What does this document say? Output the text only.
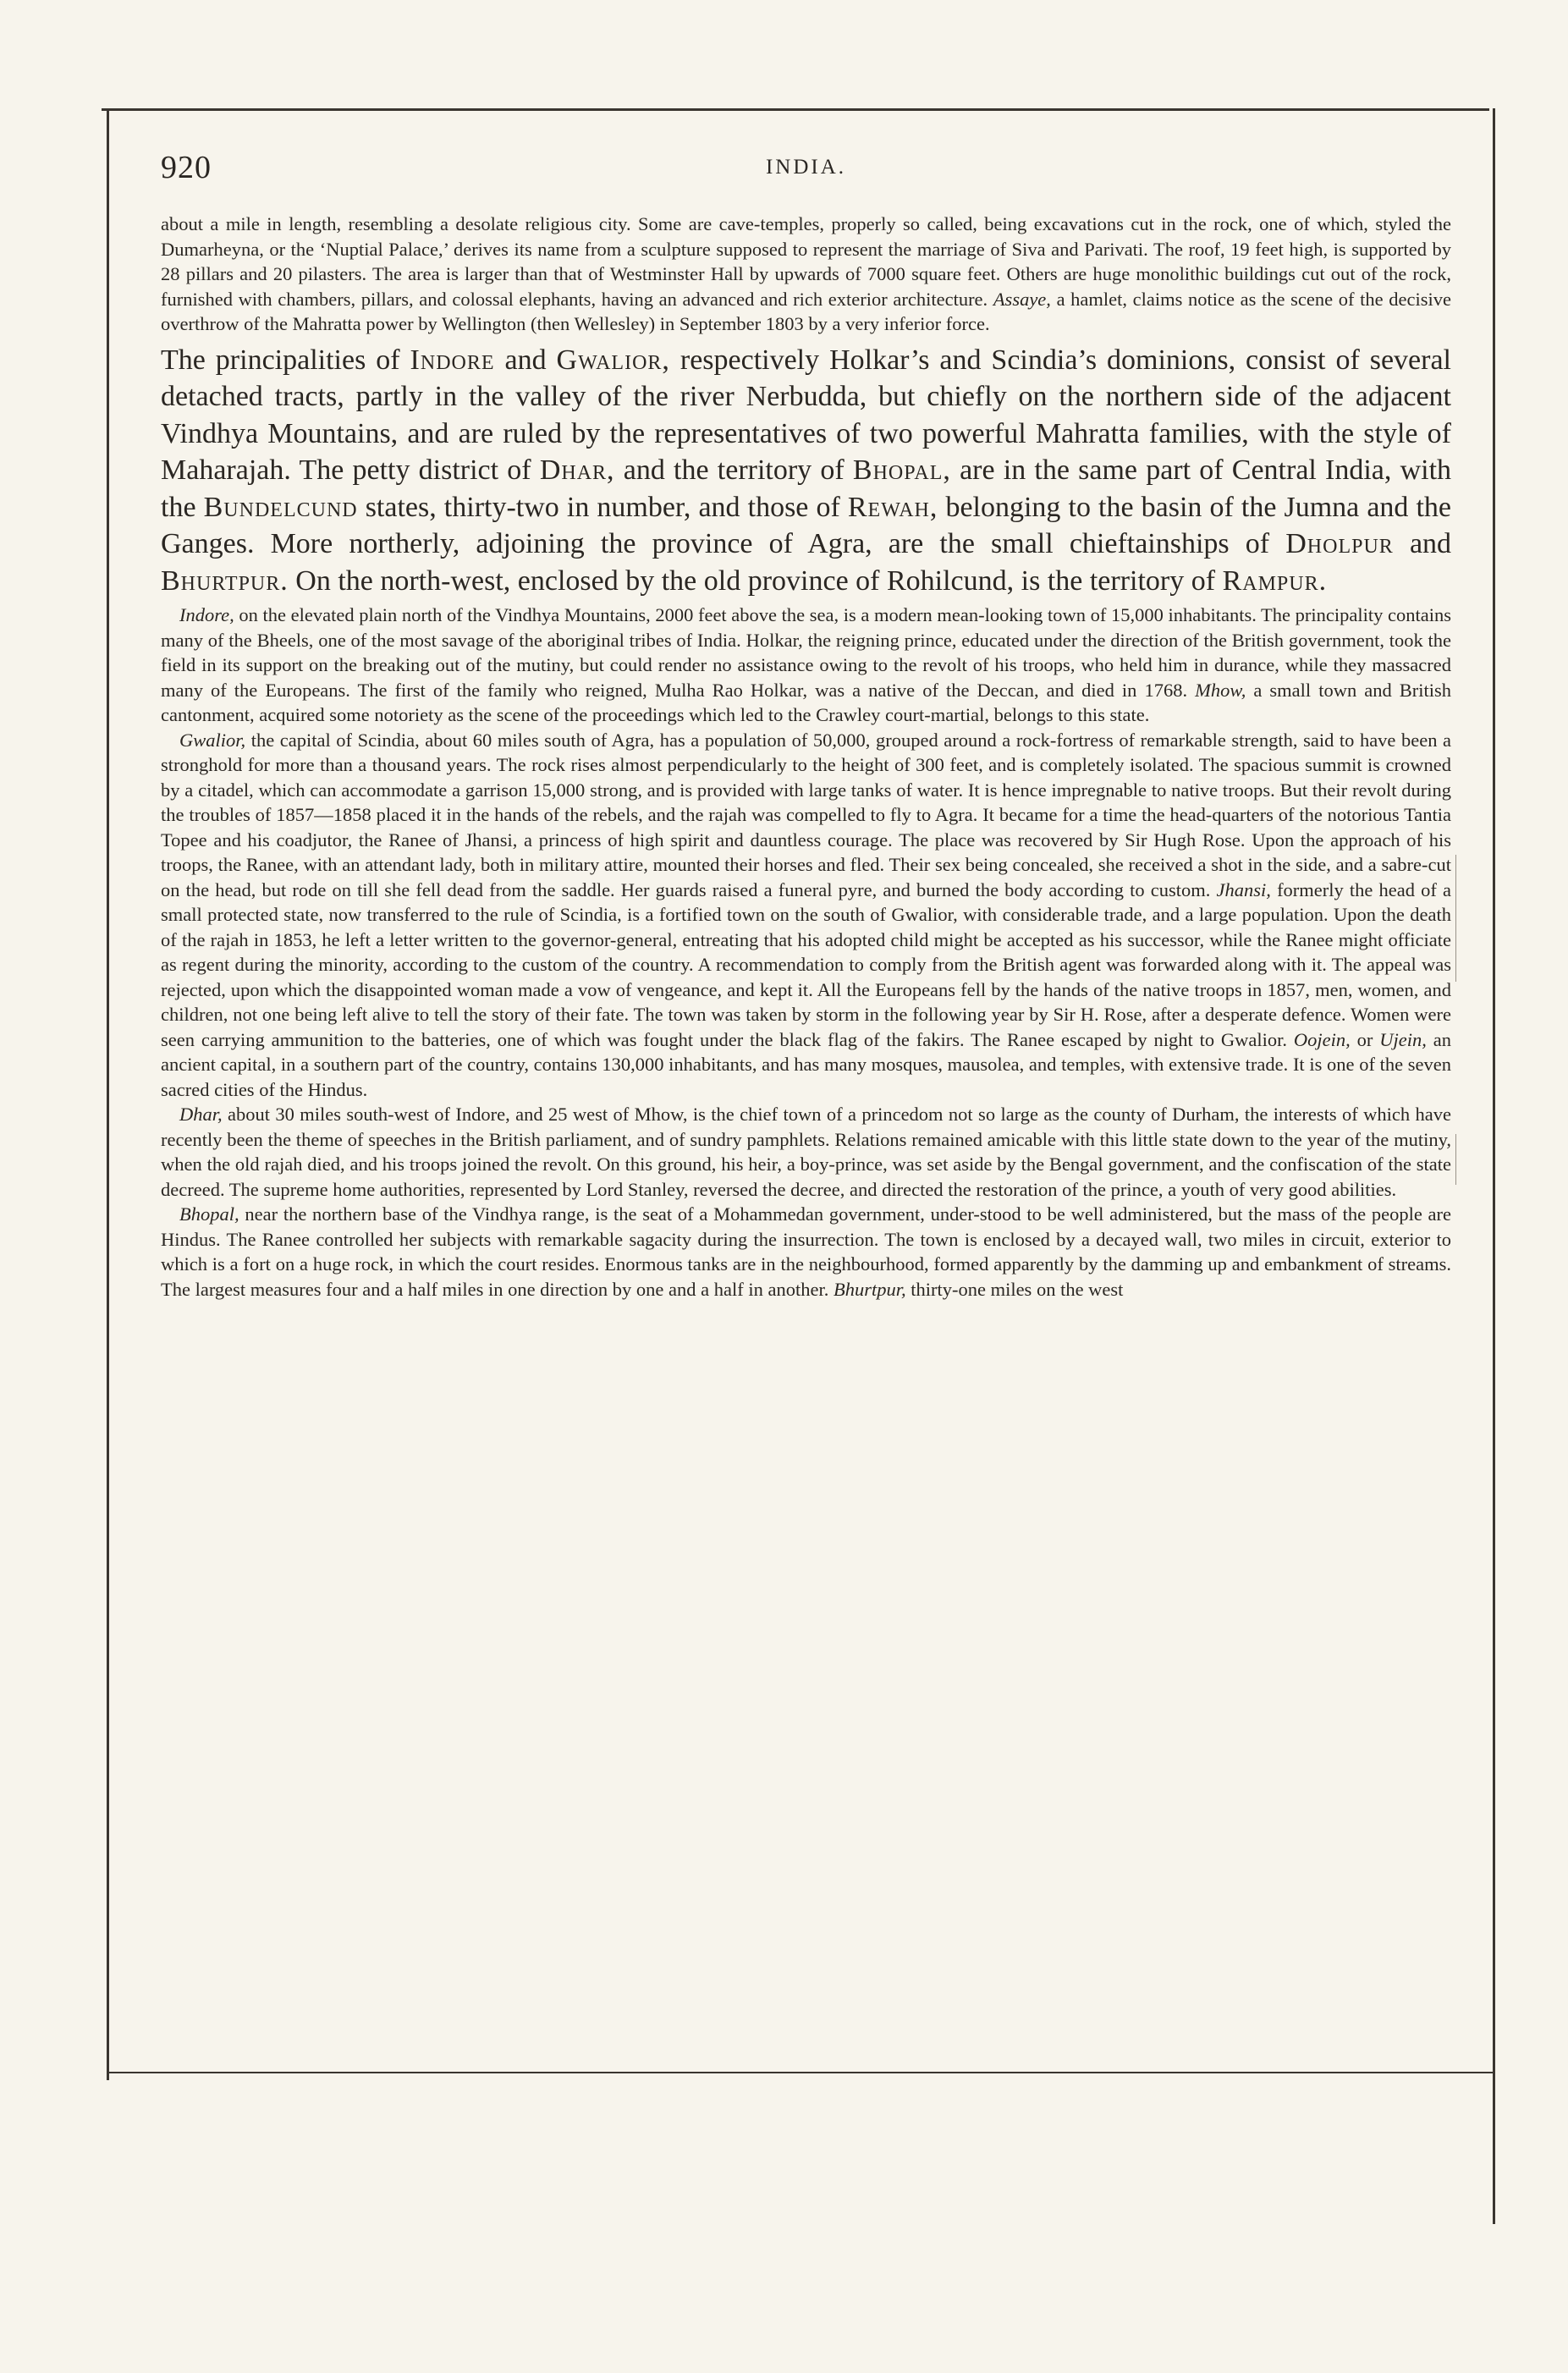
920	INDIA.

about a mile in length, resembling a desolate religious city. Some are cave-temples, properly so called, being excavations cut in the rock, one of which, styled the Dumarheyna, or the ‘Nuptial Palace,’ derives its name from a sculpture supposed to represent the marriage of Siva and Parivati. The roof, 19 feet high, is supported by 28 pillars and 20 pilasters. The area is larger than that of Westminster Hall by upwards of 7000 square feet. Others are huge monolithic buildings cut out of the rock, furnished with chambers, pillars, and colossal elephants, having an advanced and rich exterior architecture. Assaye, a hamlet, claims notice as the scene of the decisive overthrow of the Mahratta power by Wellington (then Wellesley) in September 1803 by a very inferior force.

The principalities of Indore and Gwalior, respectively Holkar’s and Scindia’s dominions, consist of several detached tracts, partly in the valley of the river Nerbudda, but chiefly on the northern side of the adjacent Vindhya Mountains, and are ruled by the representatives of two powerful Mahratta families, with the style of Maharajah. The petty district of Dhar, and the territory of Bhopal, are in the same part of Central India, with the Bundelcund states, thirty-two in number, and those of Rewah, belonging to the basin of the Jumna and the Ganges. More northerly, adjoining the province of Agra, are the small chieftainships of Dholpur and Bhurtpur. On the north-west, enclosed by the old province of Rohilcund, is the territory of Rampur.

Indore, on the elevated plain north of the Vindhya Mountains, 2000 feet above the sea, is a modern mean-looking town of 15,000 inhabitants. The principality contains many of the Bheels, one of the most savage of the aboriginal tribes of India. Holkar, the reigning prince, educated under the direction of the British government, took the field in its support on the breaking out of the mutiny, but could render no assistance owing to the revolt of his troops, who held him in durance, while they massacred many of the Europeans. The first of the family who reigned, Mulha Rao Holkar, was a native of the Deccan, and died in 1768. Mhow, a small town and British cantonment, acquired some notoriety as the scene of the proceedings which led to the Crawley court-martial, belongs to this state.

Gwalior, the capital of Scindia, about 60 miles south of Agra, has a population of 50,000, grouped around a rock-fortress of remarkable strength, said to have been a stronghold for more than a thousand years. The rock rises almost perpendicularly to the height of 300 feet, and is completely isolated. The spacious summit is crowned by a citadel, which can accommodate a garrison 15,000 strong, and is provided with large tanks of water. It is hence impregnable to native troops. But their revolt during the troubles of 1857—1858 placed it in the hands of the rebels, and the rajah was compelled to fly to Agra. It became for a time the head-quarters of the notorious Tantia Topee and his coadjutor, the Ranee of Jhansi, a princess of high spirit and dauntless courage. The place was recovered by Sir Hugh Rose. Upon the approach of his troops, the Ranee, with an attendant lady, both in military attire, mounted their horses and fled. Their sex being concealed, she received a shot in the side, and a sabre-cut on the head, but rode on till she fell dead from the saddle. Her guards raised a funeral pyre, and burned the body according to custom. Jhansi, formerly the head of a small protected state, now transferred to the rule of Scindia, is a fortified town on the south of Gwalior, with considerable trade, and a large population. Upon the death of the rajah in 1853, he left a letter written to the governor-general, entreating that his adopted child might be accepted as his successor, while the Ranee might officiate as regent during the minority, according to the custom of the country. A recommendation to comply from the British agent was forwarded along with it. The appeal was rejected, upon which the disappointed woman made a vow of vengeance, and kept it. All the Europeans fell by the hands of the native troops in 1857, men, women, and children, not one being left alive to tell the story of their fate. The town was taken by storm in the following year by Sir H. Rose, after a desperate defence. Women were seen carrying ammunition to the batteries, one of which was fought under the black flag of the fakirs. The Ranee escaped by night to Gwalior. Oojein, or Ujein, an ancient capital, in a southern part of the country, contains 130,000 inhabitants, and has many mosques, mausolea, and temples, with extensive trade. It is one of the seven sacred cities of the Hindus.

Dhar, about 30 miles south-west of Indore, and 25 west of Mhow, is the chief town of a princedom not so large as the county of Durham, the interests of which have recently been the theme of speeches in the British parliament, and of sundry pamphlets. Relations remained amicable with this little state down to the year of the mutiny, when the old rajah died, and his troops joined the revolt. On this ground, his heir, a boy-prince, was set aside by the Bengal government, and the confiscation of the state decreed. The supreme home authorities, represented by Lord Stanley, reversed the decree, and directed the restoration of the prince, a youth of very good abilities.

Bhopal, near the northern base of the Vindhya range, is the seat of a Mohammedan government, under-stood to be well administered, but the mass of the people are Hindus. The Ranee controlled her subjects with remarkable sagacity during the insurrection. The town is enclosed by a decayed wall, two miles in circuit, exterior to which is a fort on a huge rock, in which the court resides. Enormous tanks are in the neighbourhood, formed apparently by the damming up and embankment of streams. The largest measures four and a half miles in one direction by one and a half in another. Bhurtpur, thirty-one miles on the west
